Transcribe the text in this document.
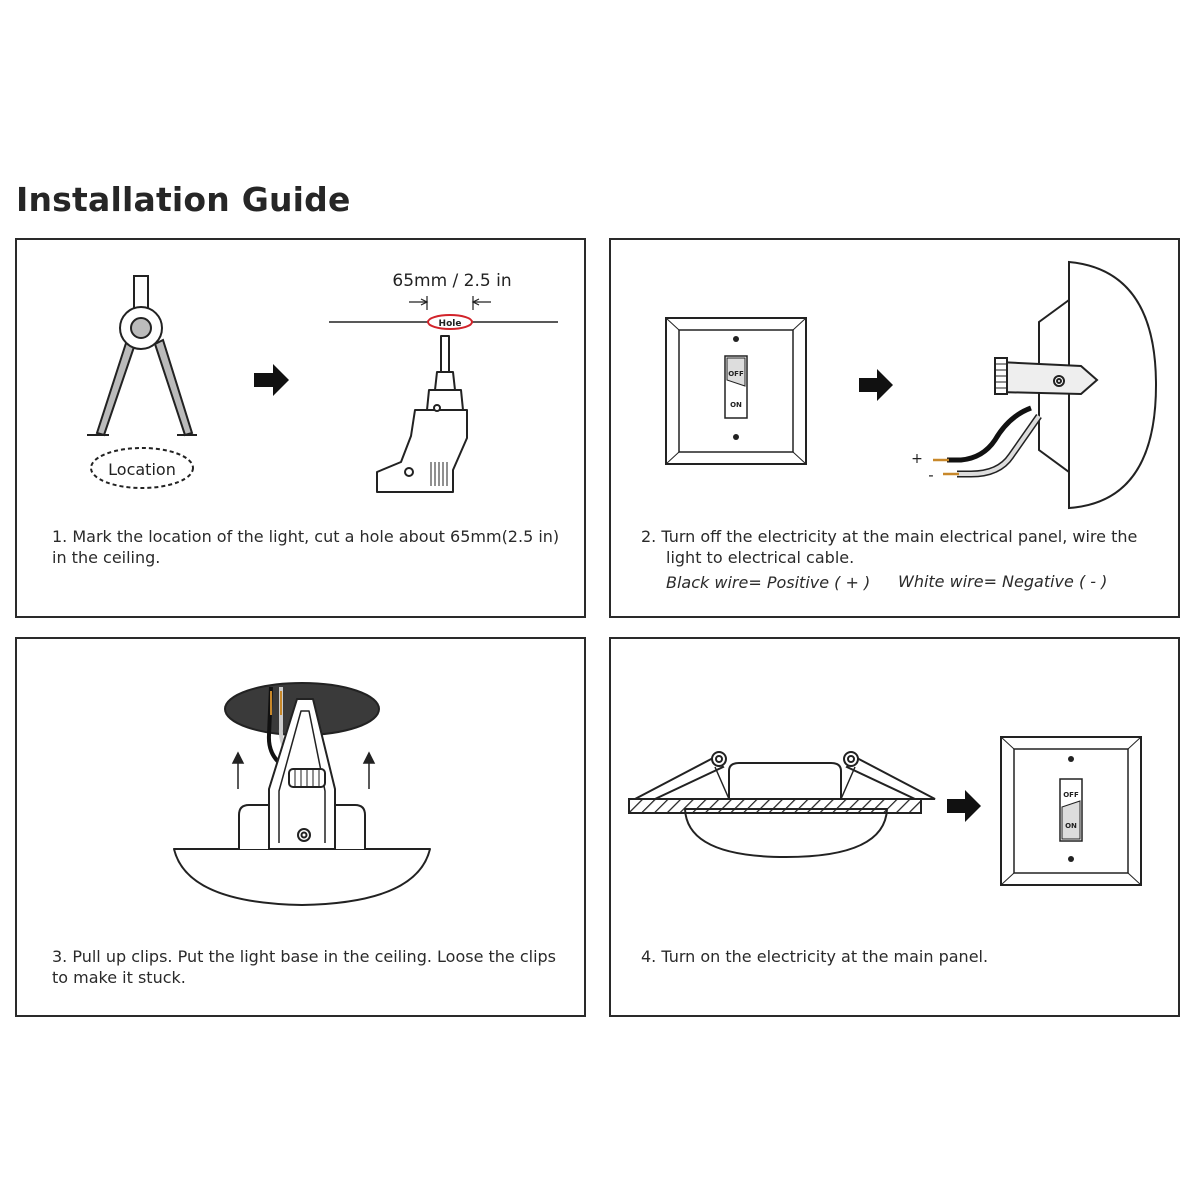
Installation Guide
Location
65mm / 2.5 in
Hole
1. Mark the location of the light, cut a hole about 65mm(2.5 in) in the ceiling.
OFF
ON
+
-
2. Turn off the electricity at the main electrical panel, wire the
light to electrical cable.
Black wire= Positive ( + ) White wire= Negative ( - )
3. Pull up clips. Put the light base in the ceiling. Loose the clips to make it stuck.
OFF
ON
4. Turn on the electricity at the main panel.
